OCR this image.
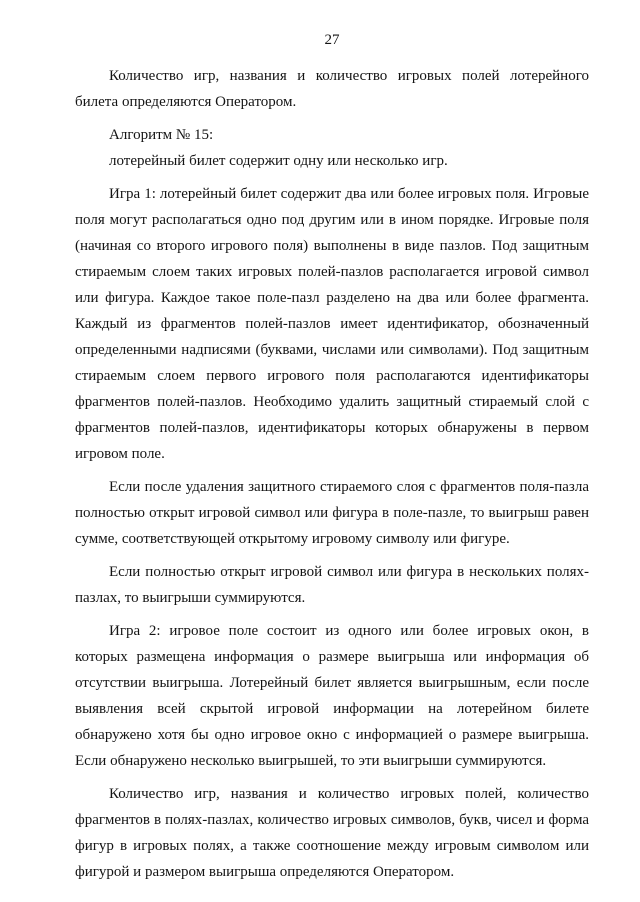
27

Количество игр, названия и количество игровых полей лотерейного билета определяются Оператором.

Алгоритм № 15:

лотерейный билет содержит одну или несколько игр.

Игра 1: лотерейный билет содержит два или более игровых поля. Игровые поля могут располагаться одно под другим или в ином порядке. Игровые поля (начиная со второго игрового поля) выполнены в виде пазлов. Под защитным стираемым слоем таких игровых полей-пазлов располагается игровой символ или фигура. Каждое такое поле-пазл разделено на два или более фрагмента. Каждый из фрагментов полей-пазлов имеет идентификатор, обозначенный определенными надписями (буквами, числами или символами). Под защитным стираемым слоем первого игрового поля располагаются идентификаторы фрагментов полей-пазлов. Необходимо удалить защитный стираемый слой с фрагментов полей-пазлов, идентификаторы которых обнаружены в первом игровом поле.

Если после удаления защитного стираемого слоя с фрагментов поля-пазла полностью открыт игровой символ или фигура в поле-пазле, то выигрыш равен сумме, соответствующей открытому игровому символу или фигуре.

Если полностью открыт игровой символ или фигура в нескольких полях-пазлах, то выигрыши суммируются.

Игра 2: игровое поле состоит из одного или более игровых окон, в которых размещена информация о размере выигрыша или информация об отсутствии выигрыша. Лотерейный билет является выигрышным, если после выявления всей скрытой игровой информации на лотерейном билете обнаружено хотя бы одно игровое окно с информацией о размере выигрыша. Если обнаружено несколько выигрышей, то эти выигрыши суммируются.

Количество игр, названия и количество игровых полей, количество фрагментов в полях-пазлах, количество игровых символов, букв, чисел и форма фигур в игровых полях, а также соотношение между игровым символом или фигурой и размером выигрыша определяются Оператором.
